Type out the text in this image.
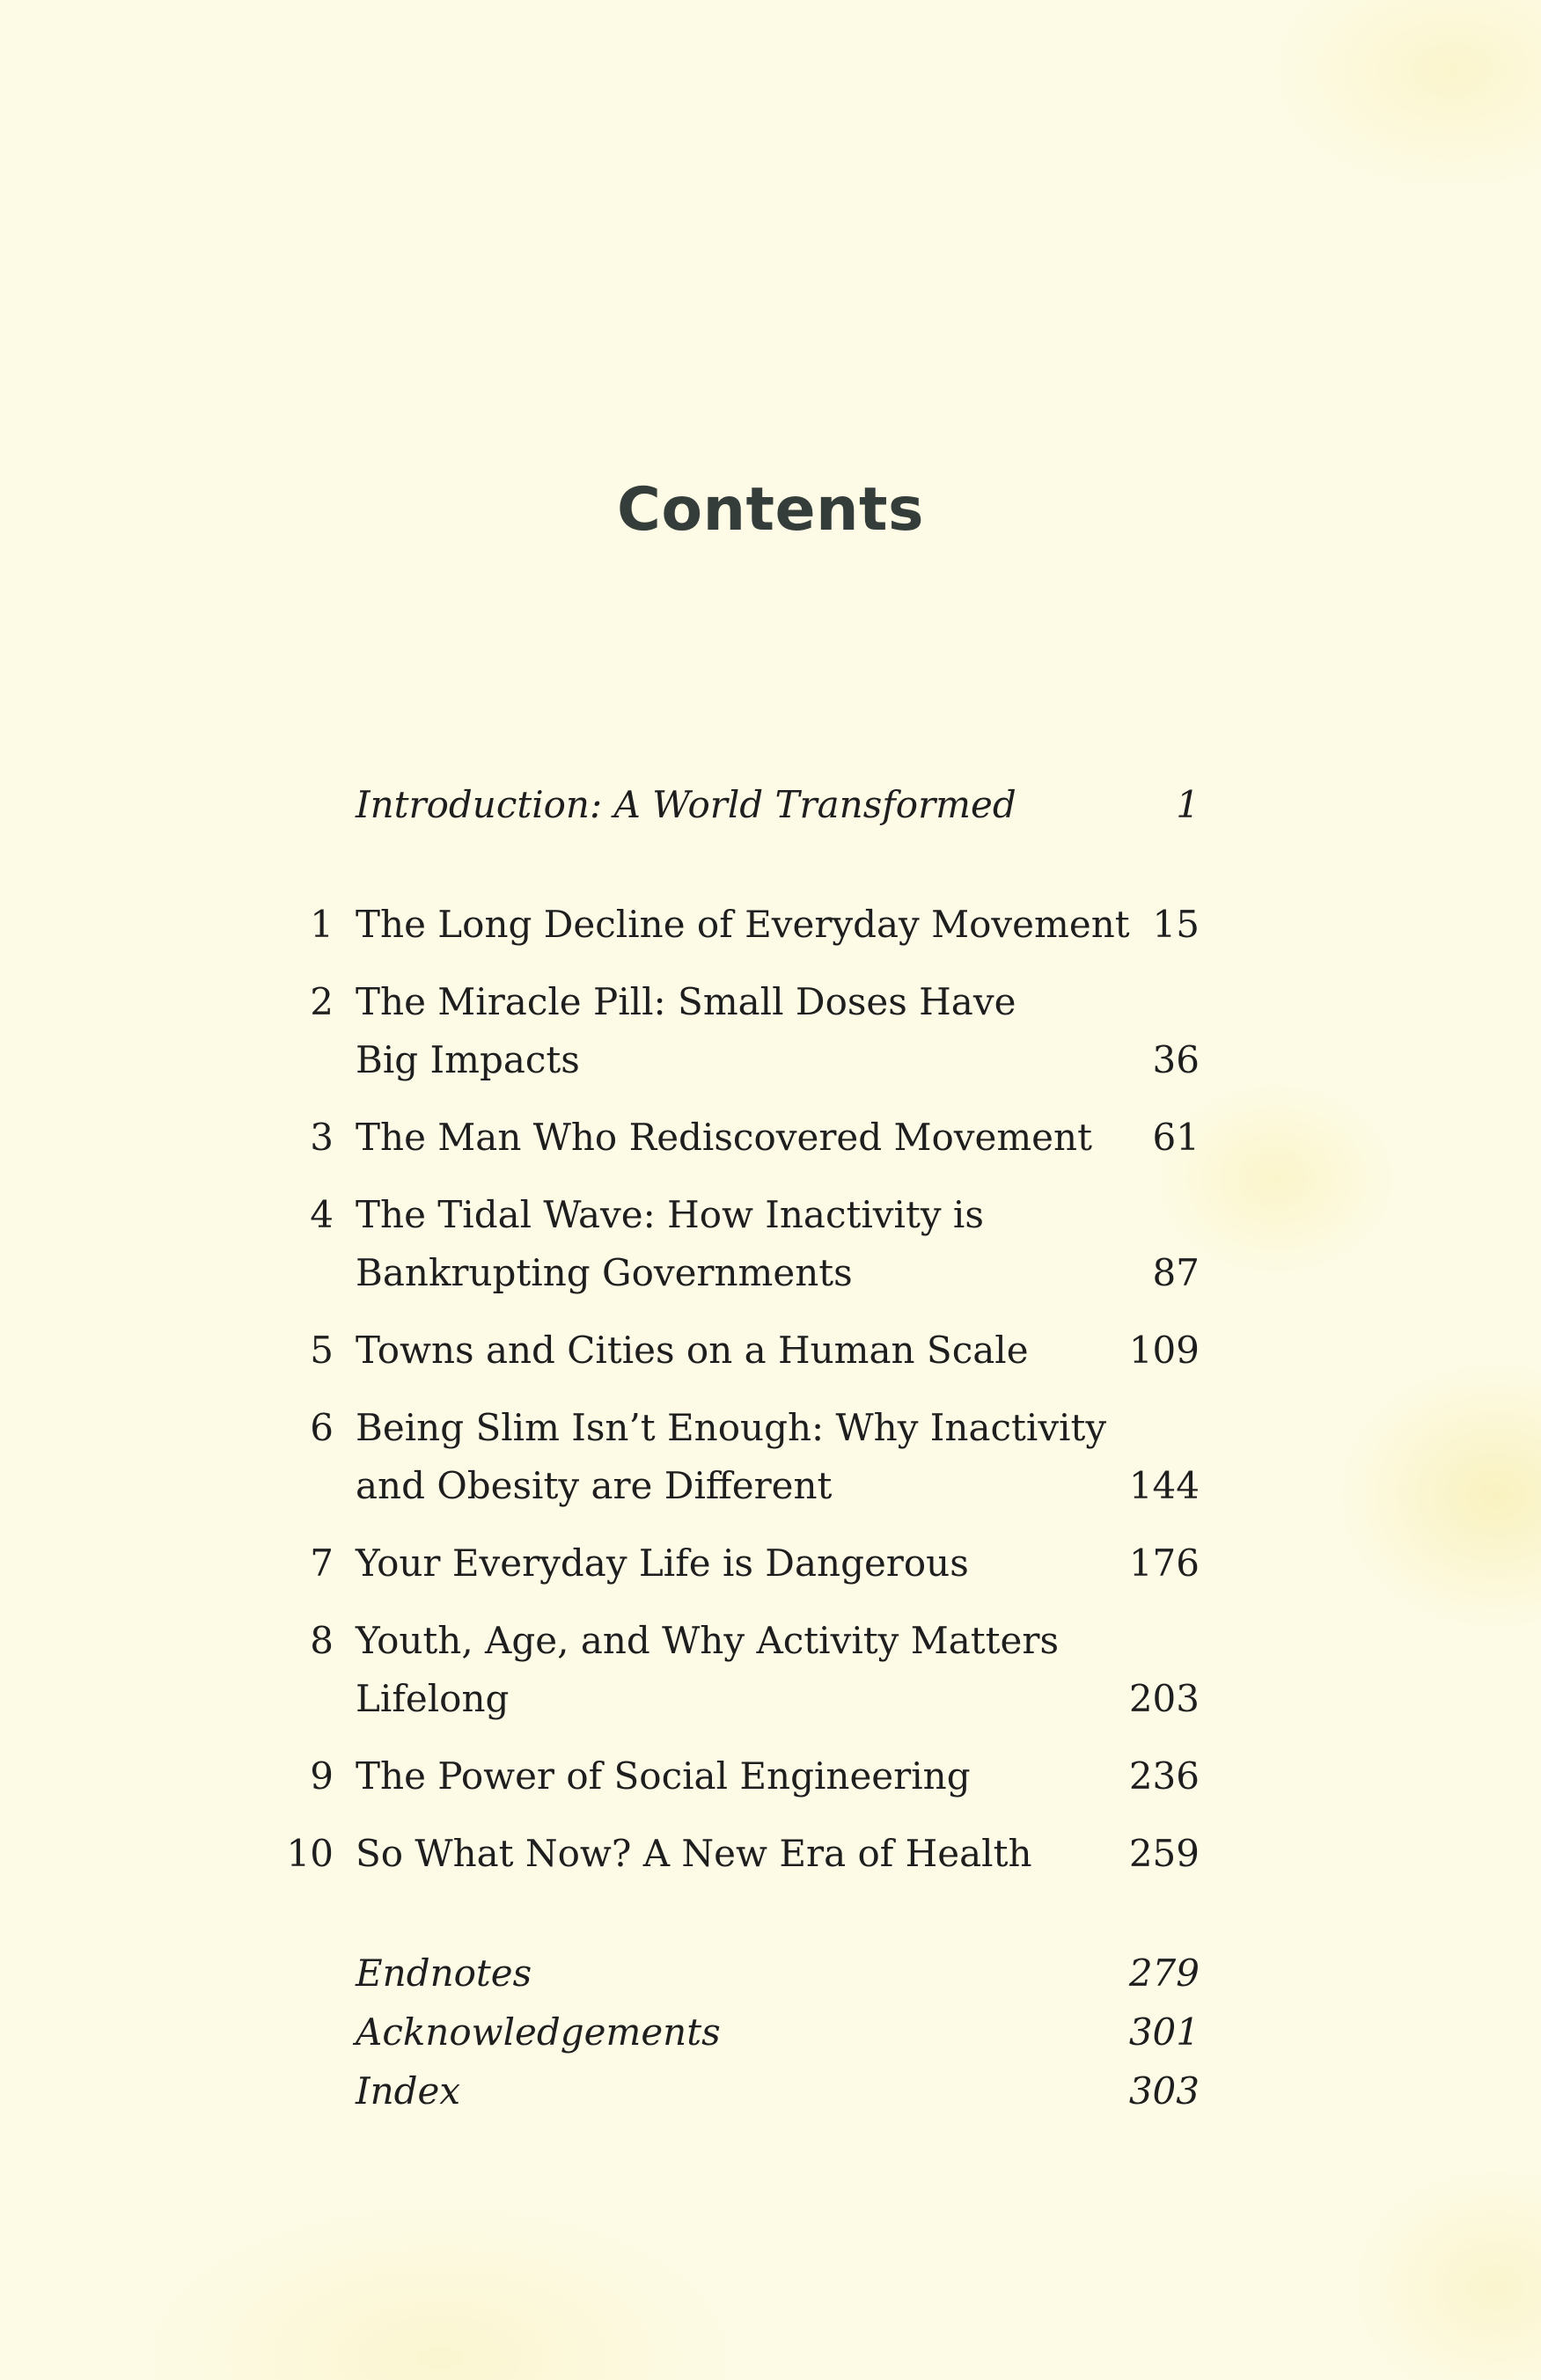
Contents
Introduction: A World Transformed	1
1 The Long Decline of Everyday Movement 15
2 The Miracle Pill: Small Doses Have
Big Impacts	36
3 The Man Who Rediscovered Movement 61
4 The Tidal Wave: How Inactivity is
Bankrupting Governments	87
5 Towns and Cities on a Human Scale	109
6 Being Slim Isn’t Enough: Why Inactivity
and Obesity are Different	144
7 Your Everyday Life is Dangerous	176
8 Youth, Age, and Why Activity Matters
Lifelong	203
9 The Power of Social Engineering	236
10 So What Now? A New Era of Health	259
Endnotes	279
Acknowledgements	301
Index	303
